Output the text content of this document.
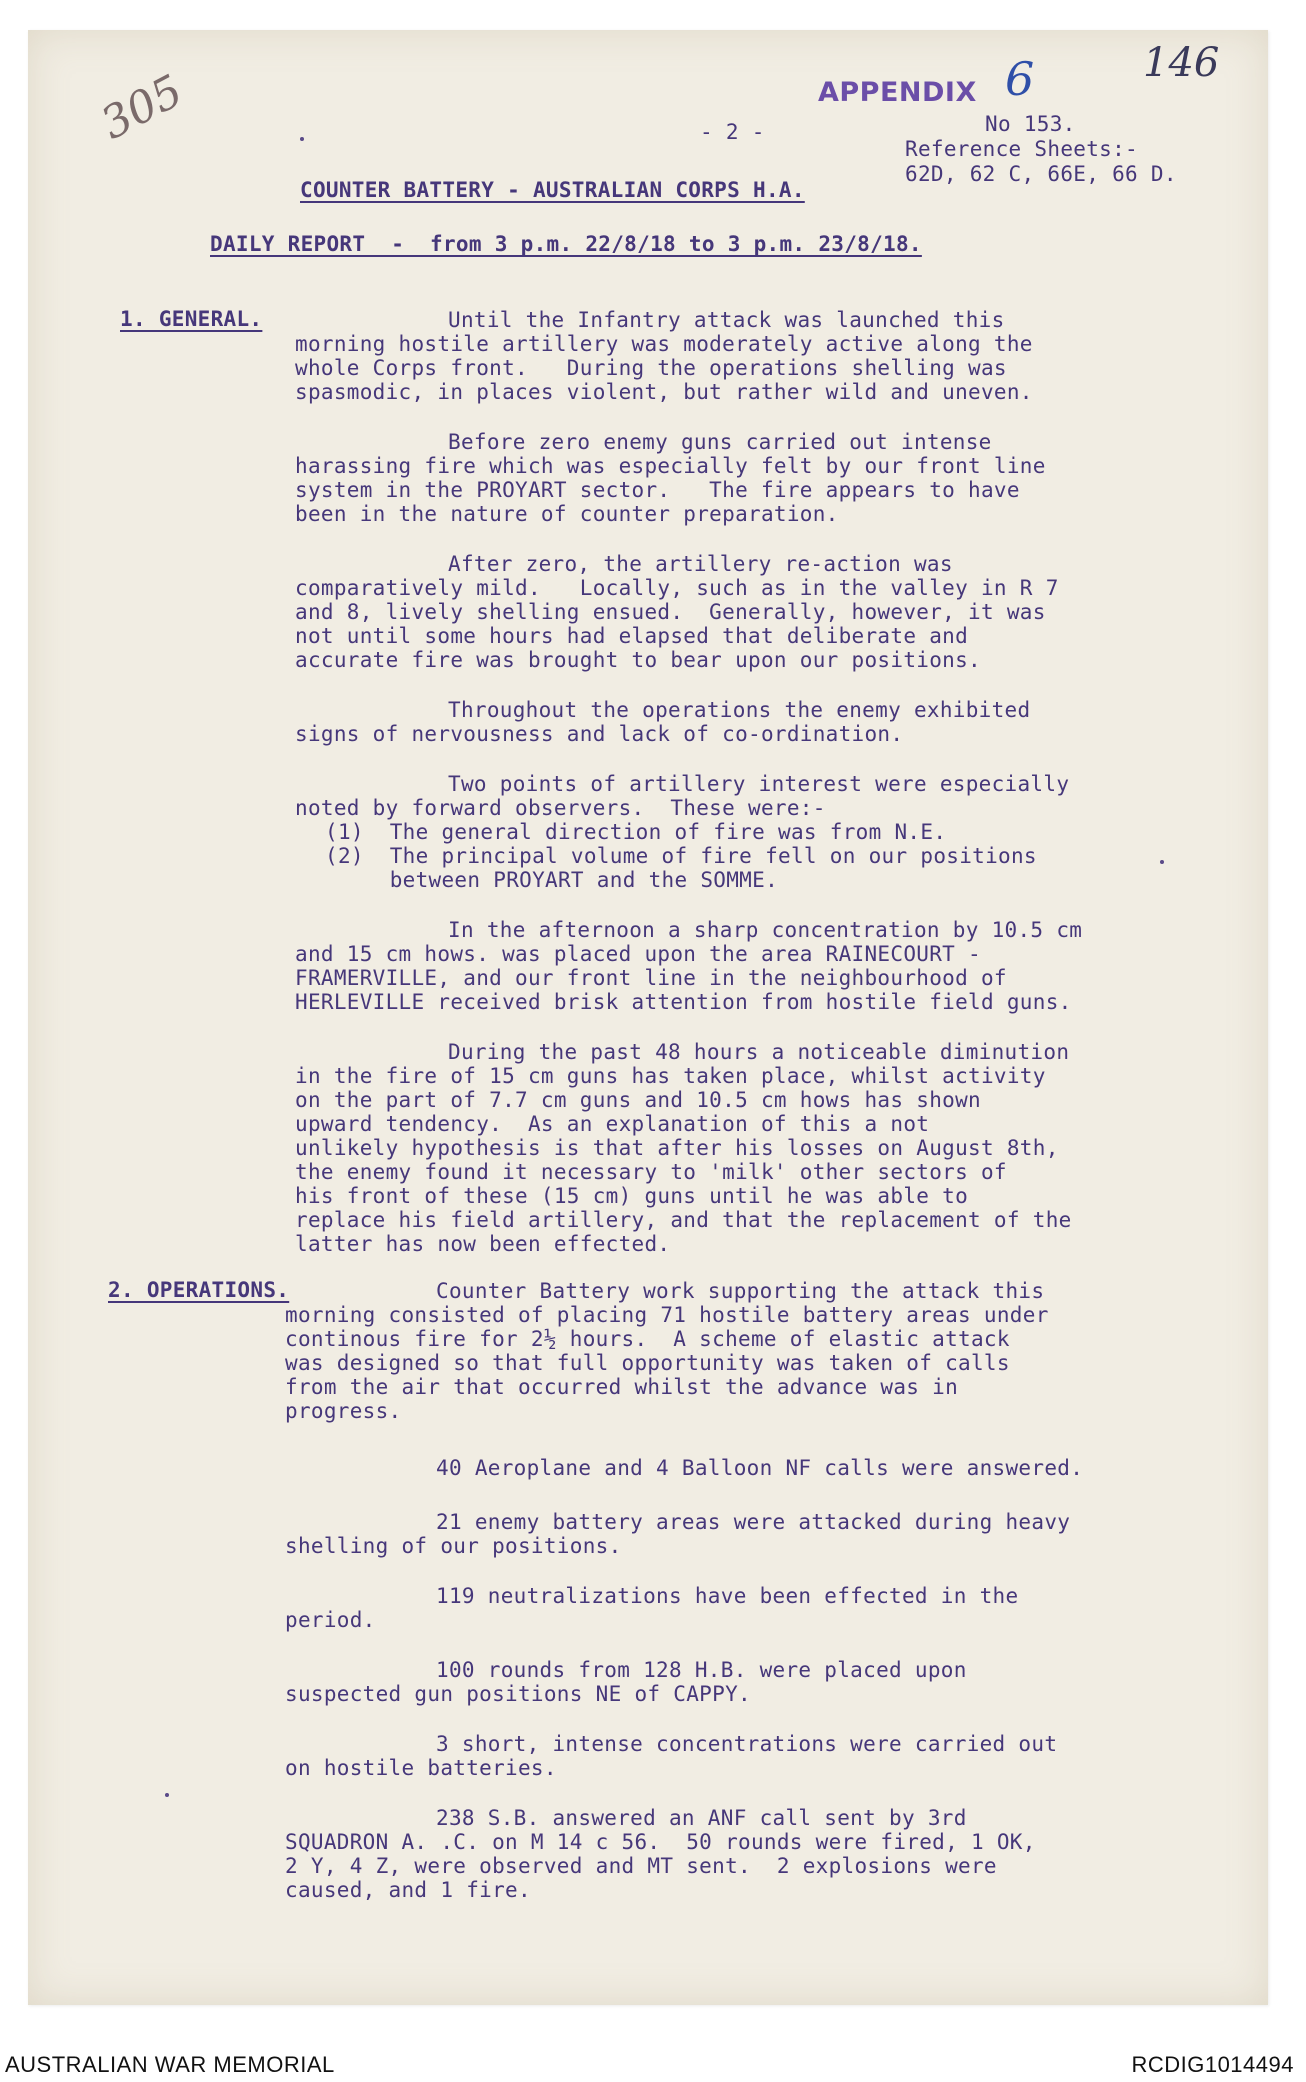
APPENDIX 6	146
305	- 2 -	No 153.
Reference Sheets:-
62D, 62 C, 66E, 66 D.
COUNTER BATTERY - AUSTRALIAN CORPS H.A.
DAILY REPORT  -  from 3 p.m. 22/8/18 to 3 p.m. 23/8/18.
1. GENERAL.	Until the Infantry attack was launched this
morning hostile artillery was moderately active along the
whole Corps front.   During the operations shelling was
spasmodic, in places violent, but rather wild and uneven.
Before zero enemy guns carried out intense
harassing fire which was especially felt by our front line
system in the PROYART sector.   The fire appears to have
been in the nature of counter preparation.
After zero, the artillery re-action was
comparatively mild.   Locally, such as in the valley in R 7
and 8, lively shelling ensued.  Generally, however, it was
not until some hours had elapsed that deliberate and
accurate fire was brought to bear upon our positions.
Throughout the operations the enemy exhibited
signs of nervousness and lack of co-ordination.
Two points of artillery interest were especially
noted by forward observers.  These were:-
(1)  The general direction of fire was from N.E.
(2)  The principal volume of fire fell on our positions
between PROYART and the SOMME.
In the afternoon a sharp concentration by 10.5 cm
and 15 cm hows. was placed upon the area RAINECOURT -
FRAMERVILLE, and our front line in the neighbourhood of
HERLEVILLE received brisk attention from hostile field guns.
During the past 48 hours a noticeable diminution
in the fire of 15 cm guns has taken place, whilst activity
on the part of 7.7 cm guns and 10.5 cm hows has shown
upward tendency.  As an explanation of this a not
unlikely hypothesis is that after his losses on August 8th,
the enemy found it necessary to 'milk' other sectors of
his front of these (15 cm) guns until he was able to
replace his field artillery, and that the replacement of the
latter has now been effected.
2. OPERATIONS.	Counter Battery work supporting the attack this
morning consisted of placing 71 hostile battery areas under
continous fire for 2½ hours.  A scheme of elastic attack
was designed so that full opportunity was taken of calls
from the air that occurred whilst the advance was in
progress.
40 Aeroplane and 4 Balloon NF calls were answered.
21 enemy battery areas were attacked during heavy
shelling of our positions.
119 neutralizations have been effected in the
period.
100 rounds from 128 H.B. were placed upon
suspected gun positions NE of CAPPY.
3 short, intense concentrations were carried out
on hostile batteries.
238 S.B. answered an ANF call sent by 3rd
SQUADRON A. .C. on M 14 c 56.  50 rounds were fired, 1 OK,
2 Y, 4 Z, were observed and MT sent.  2 explosions were
caused, and 1 fire.
AUSTRALIAN WAR MEMORIAL	RCDIG1014494
